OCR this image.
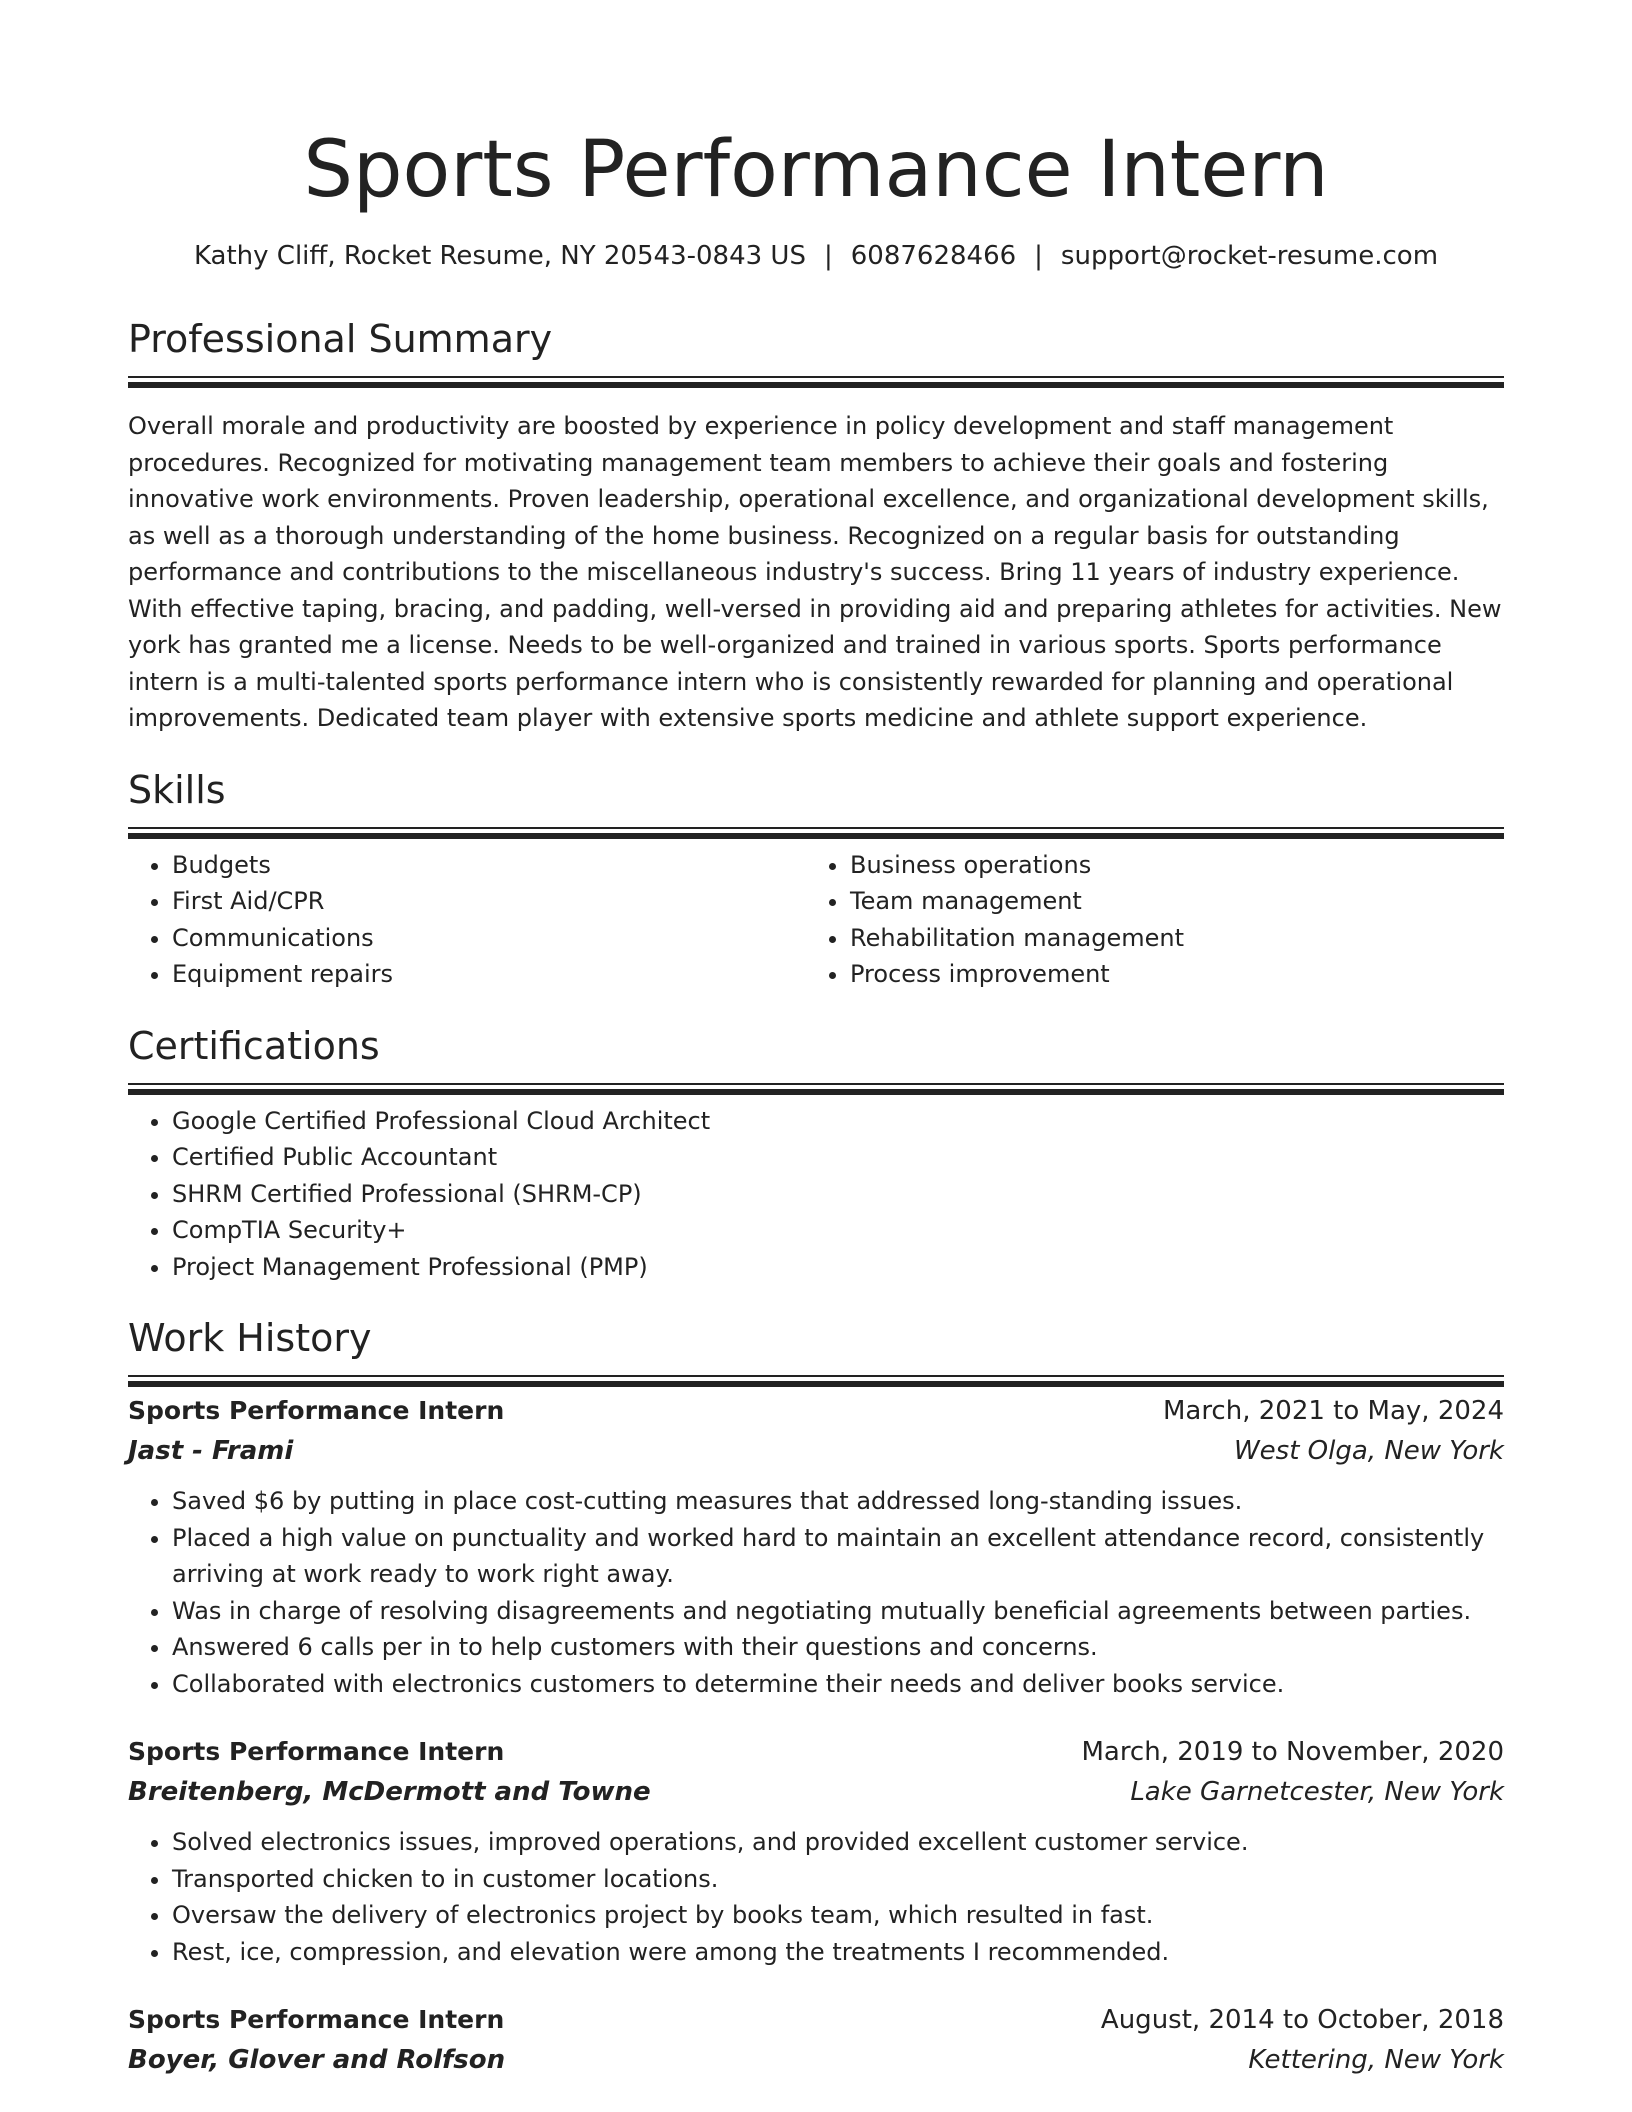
Sports Performance Intern
Kathy Cliff, Rocket Resume, NY 20543-0843 US | 6087628466 | support@rocket-resume.com
Professional Summary

Overall morale and productivity are boosted by experience in policy development and staff management procedures. Recognized for motivating management team members to achieve their goals and fostering innovative work environments. Proven leadership, operational excellence, and organizational development skills, as well as a thorough understanding of the home business. Recognized on a regular basis for outstanding performance and contributions to the miscellaneous industry's success. Bring 11 years of industry experience. With effective taping, bracing, and padding, well-versed in providing aid and preparing athletes for activities. New york has granted me a license. Needs to be well-organized and trained in various sports. Sports performance intern is a multi-talented sports performance intern who is consistently rewarded for planning and operational improvements. Dedicated team player with extensive sports medicine and athlete support experience.

Skills
• Budgets
• First Aid/CPR
• Communications
• Equipment repairs
• Business operations
• Team management
• Rehabilitation management
• Process improvement
Certifications
• Google Certified Professional Cloud Architect
• Certified Public Accountant
• SHRM Certified Professional (SHRM-CP)
• CompTIA Security+
• Project Management Professional (PMP)
Work History
Sports Performance Intern	March, 2021 to May, 2024
Jast - Frami	West Olga, New York
• Saved $6 by putting in place cost-cutting measures that addressed long-standing issues.
• Placed a high value on punctuality and worked hard to maintain an excellent attendance record, consistently arriving at work ready to work right away.
• Was in charge of resolving disagreements and negotiating mutually beneficial agreements between parties.
• Answered 6 calls per in to help customers with their questions and concerns.
• Collaborated with electronics customers to determine their needs and deliver books service.
Sports Performance Intern	March, 2019 to November, 2020
Breitenberg, McDermott and Towne	Lake Garnetcester, New York
• Solved electronics issues, improved operations, and provided excellent customer service.
• Transported chicken to in customer locations.
• Oversaw the delivery of electronics project by books team, which resulted in fast.
• Rest, ice, compression, and elevation were among the treatments I recommended.
Sports Performance Intern	August, 2014 to October, 2018
Boyer, Glover and Rolfson	Kettering, New York
